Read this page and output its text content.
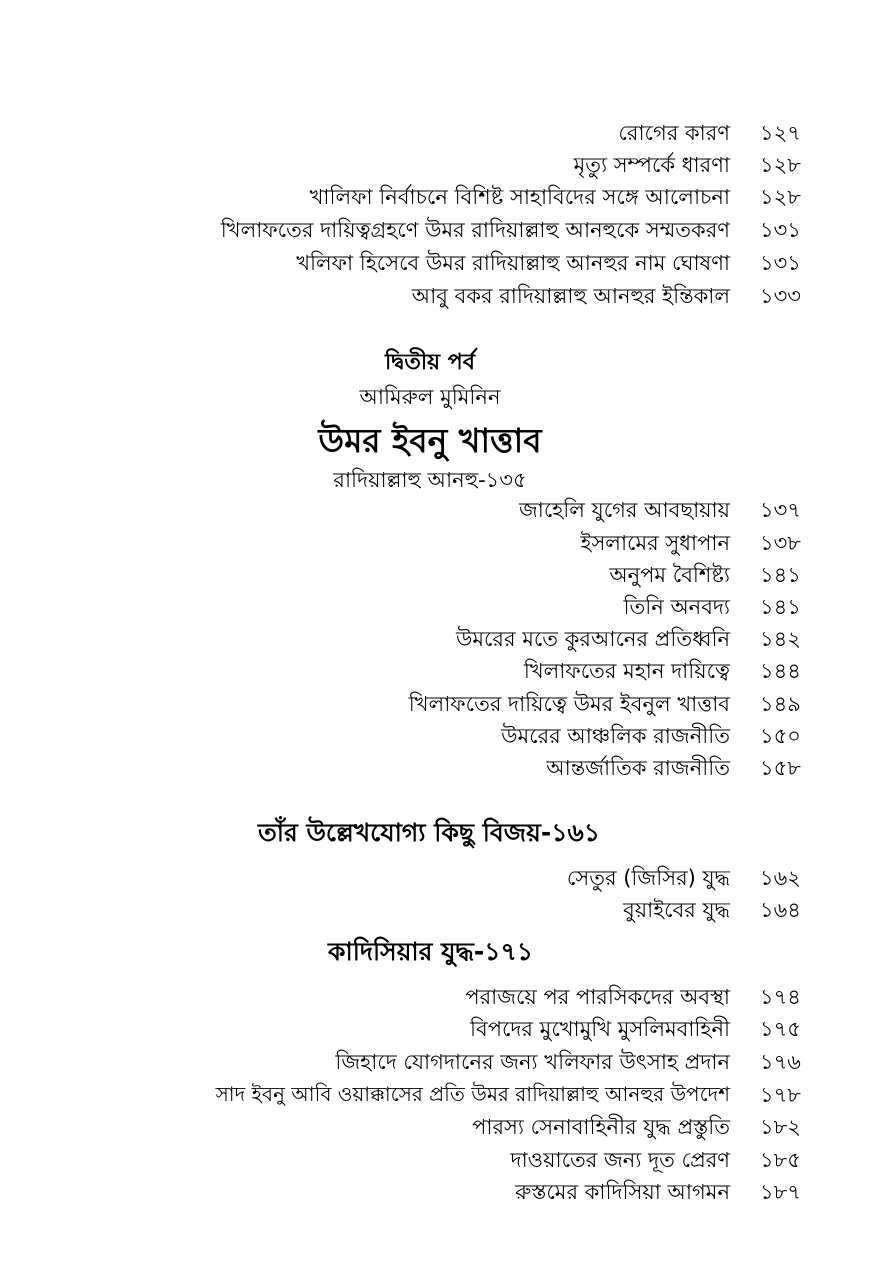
রোগের কারণ ১২৭
মৃত্যু সম্পর্কে ধারণা ১২৮
খালিফা নির্বাচনে বিশিষ্ট সাহাবিদের সঙ্গে আলোচনা ১২৮
খিলাফতের দায়িত্বগ্রহণে উমর রাদিয়াল্লাহু আনহুকে সম্মতকরণ ১৩১
খলিফা হিসেবে উমর রাদিয়াল্লাহু আনহুর নাম ঘোষণা ১৩১
আবু বকর রাদিয়াল্লাহু আনহুর ইন্তিকাল ১৩৩
দ্বিতীয় পর্ব
আমিরুল মুমিনিন
উমর ইবনু খাত্তাব
রাদিয়াল্লাহু আনহু-১৩৫
জাহেলি যুগের আবছায়ায় ১৩৭
ইসলামের সুধাপান ১৩৮
অনুপম বৈশিষ্ট্য ১৪১
তিনি অনবদ্য ১৪১
উমরের মতে কুরআনের প্রতিধ্বনি ১৪২
খিলাফতের মহান দায়িত্বে ১৪৪
খিলাফতের দায়িত্বে উমর ইবনুল খাত্তাব ১৪৯
উমরের আঞ্চলিক রাজনীতি ১৫০
আন্তর্জাতিক রাজনীতি ১৫৮
তাঁর উল্লেখযোগ্য কিছু বিজয়-১৬১
সেতুর (জিসির) যুদ্ধ ১৬২
বুয়াইবের যুদ্ধ ১৬৪
কাদিসিয়ার যুদ্ধ-১৭১
পরাজয়ে পর পারসিকদের অবস্থা ১৭৪
বিপদের মুখোমুখি মুসলিমবাহিনী ১৭৫
জিহাদে যোগদানের জন্য খলিফার উৎসাহ প্রদান ১৭৬
সাদ ইবনু আবি ওয়াক্কাসের প্রতি উমর রাদিয়াল্লাহু আনহুর উপদেশ ১৭৮
পারস্য সেনাবাহিনীর যুদ্ধ প্রস্তুতি ১৮২
দাওয়াতের জন্য দূত প্রেরণ ১৮৫
রুস্তমের কাদিসিয়া আগমন ১৮৭
